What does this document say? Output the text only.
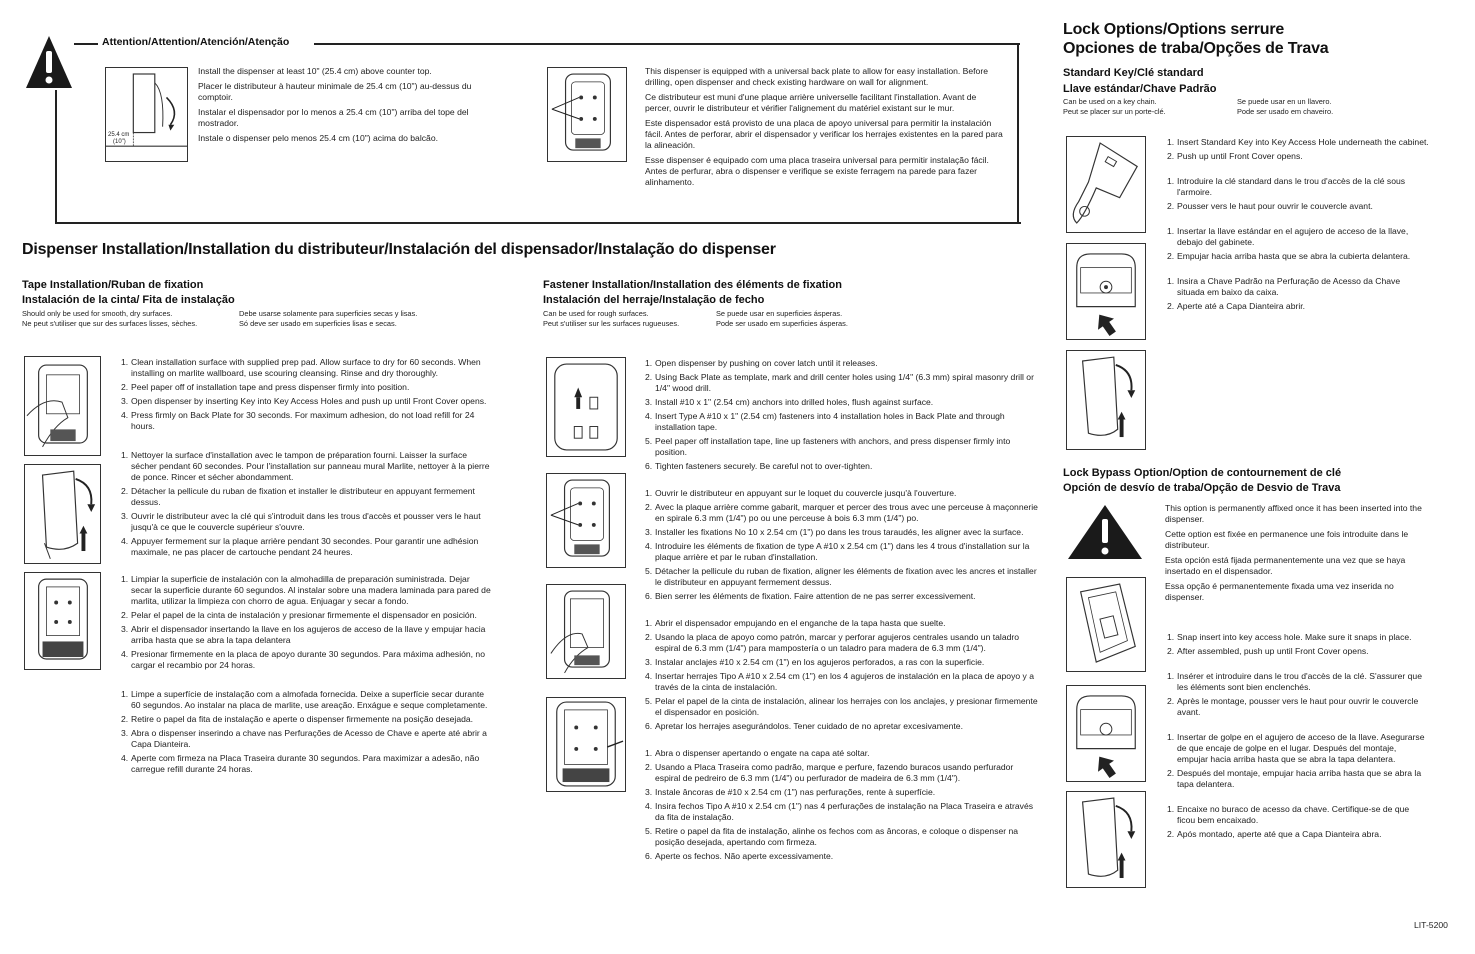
Attention/Attention/Atención/Atenção
25.4 cm
(10")

Install the dispenser at least 10" (25.4 cm) above counter top.

Placer le distributeur à hauteur minimale de 25.4 cm (10") au-dessus du comptoir.

Instalar el dispensador por lo menos a 25.4 cm (10") arriba del tope del mostrador.

Instale o dispenser pelo menos 25.4 cm (10") acima do balcão.

This dispenser is equipped with a universal back plate to allow for easy installation. Before drilling, open dispenser and check existing hardware on wall for alignment.

Ce distributeur est muni d'une plaque arrière universelle facilitant l'installation. Avant de percer, ouvrir le distributeur et vérifier l'alignement du matériel existant sur le mur.

Este dispensador está provisto de una placa de apoyo universal para permitir la instalación fácil. Antes de perforar, abrir el dispensador y verificar los herrajes existentes en la pared para la alineación.

Esse dispenser é equipado com uma placa traseira universal para permitir instalação fácil. Antes de perfurar, abra o dispenser e verifique se existe ferragem na parede para fazer alinhamento.

Dispenser Installation/Installation du distributeur/Instalación del dispensador/Instalação do dispenser
Tape Installation/Ruban de fixation
Instalación de la cinta/ Fita de instalação
Should only be used for smooth, dry surfaces.	Debe usarse solamente para superficies secas y lisas.
Ne peut s'utiliser que sur des surfaces lisses, sèches.	Só deve ser usado em superficies lisas e secas.
1. Clean installation surface with supplied prep pad. Allow surface to dry for 60 seconds. When installing on marlite wallboard, use scouring cleansing. Rinse and dry thoroughly.
2. Peel paper off of installation tape and press dispenser firmly into position.
3. Open dispenser by inserting Key into Key Access Holes and push up until Front Cover opens.
4. Press firmly on Back Plate for 30 seconds. For maximum adhesion, do not load refill for 24 hours.
1. Nettoyer la surface d'installation avec le tampon de préparation fourni. Laisser la surface sécher pendant 60 secondes. Pour l'installation sur panneau mural Marlite, nettoyer à la pierre de ponce. Rincer et sécher abondamment.
2. Détacher la pellicule du ruban de fixation et installer le distributeur en appuyant fermement dessus.
3. Ouvrir le distributeur avec la clé qui s'introduit dans les trous d'accès et pousser vers le haut jusqu'à ce que le couvercle supérieur s'ouvre.
4. Appuyer fermement sur la plaque arrière pendant 30 secondes. Pour garantir une adhésion maximale, ne pas placer de cartouche pendant 24 heures.
1. Limpiar la superficie de instalación con la almohadilla de preparación suministrada. Dejar secar la superficie durante 60 segundos. Al instalar sobre una madera laminada para pared de marlita, utilizar la limpieza con chorro de agua. Enjuagar y secar a fondo.
2. Pelar el papel de la cinta de instalación y presionar firmemente el dispensador en posición.
3. Abrir el dispensador insertando la llave en los agujeros de acceso de la llave y empujar hacia arriba hasta que se abra la tapa delantera
4. Presionar firmemente en la placa de apoyo durante 30 segundos. Para máxima adhesión, no cargar el recambio por 24 horas.
1. Limpe a superfície de instalação com a almofada fornecida. Deixe a superfície secar durante 60 segundos. Ao instalar na placa de marlite, use areação. Enxágue e seque completamente.
2. Retire o papel da fita de instalação e aperte o dispenser firmemente na posição desejada.
3. Abra o dispenser inserindo a chave nas Perfurações de Acesso de Chave e aperte até abrir a Capa Dianteira.
4. Aperte com firmeza na Placa Traseira durante 30 segundos. Para maximizar a adesão, não carregue refill durante 24 horas.
Fastener Installation/Installation des éléments de fixation
Instalación del herraje/Instalação de fecho
Can be used for rough surfaces.	Se puede usar en superficies ásperas.
Peut s'utiliser sur les surfaces rugueuses.	Pode ser usado em superficies ásperas.
1. Open dispenser by pushing on cover latch until it releases.
2. Using Back Plate as template, mark and drill center holes using 1/4" (6.3 mm) spiral masonry drill or 1/4" wood drill.
3. Install #10 x 1" (2.54 cm) anchors into drilled holes, flush against surface.
4. Insert Type A #10 x 1" (2.54 cm) fasteners into 4 installation holes in Back Plate and through installation tape.
5. Peel paper off installation tape, line up fasteners with anchors, and press dispenser firmly into position.
6. Tighten fasteners securely. Be careful not to over-tighten.
1. Ouvrir le distributeur en appuyant sur le loquet du couvercle jusqu'à l'ouverture.
2. Avec la plaque arrière comme gabarit, marquer et percer des trous avec une perceuse à maçonnerie en spirale 6.3 mm (1/4") po ou une perceuse à bois 6.3 mm (1/4") po.
3. Installer les fixations No 10 x 2.54 cm (1") po dans les trous taraudés, les aligner avec la surface.
4. Introduire les éléments de fixation de type A #10 x 2.54 cm (1") dans les 4 trous d'installation sur la plaque arrière et par le ruban d'installation.
5. Détacher la pellicule du ruban de fixation, aligner les éléments de fixation avec les ancres et installer le distributeur en appuyant fermement dessus.
6. Bien serrer les éléments de fixation. Faire attention de ne pas serrer excessivement.
1. Abrir el dispensador empujando en el enganche de la tapa hasta que suelte.
2. Usando la placa de apoyo como patrón, marcar y perforar agujeros centrales usando un taladro espiral de 6.3 mm (1/4") para mampostería o un taladro para madera de 6.3 mm (1/4").
3. Instalar anclajes #10 x 2.54 cm (1") en los agujeros perforados, a ras con la superficie.
4. Insertar herrajes Tipo A #10 x 2.54 cm (1") en los 4 agujeros de instalación en la placa de apoyo y a través de la cinta de instalación.
5. Pelar el papel de la cinta de instalación, alinear los herrajes con los anclajes, y presionar firmemente el dispensador en posición.
6. Apretar los herrajes asegurándolos. Tener cuidado de no apretar excesivamente.
1. Abra o dispenser apertando o engate na capa até soltar.
2. Usando a Placa Traseira como padrão, marque e perfure, fazendo buracos usando perfurador espiral de pedreiro de 6.3 mm (1/4") ou perfurador de madeira de 6.3 mm (1/4").
3. Instale âncoras de #10 x 2.54 cm (1") nas perfurações, rente à superfície.
4. Insira fechos Tipo A #10 x 2.54 cm (1") nas 4 perfurações de instalação na Placa Traseira e através da fita de instalação.
5. Retire o papel da fita de instalação, alinhe os fechos com as âncoras, e coloque o dispenser na posição desejada, apertando com firmeza.
6. Aperte os fechos. Não aperte excessivamente.
Lock Options/Options serrure
Opciones de traba/Opções de Trava
Standard Key/Clé standard
Llave estándar/Chave Padrão
Can be used on a key chain.	Se puede usar en un llavero.
Peut se placer sur un porte-clé.	Pode ser usado em chaveiro.
1. Insert Standard Key into Key Access Hole underneath the cabinet.
2. Push up until Front Cover opens.
1. Introduire la clé standard dans le trou d'accès de la clé sous l'armoire.
2. Pousser vers le haut pour ouvrir le couvercle avant.
1. Insertar la llave estándar en el agujero de acceso de la llave, debajo del gabinete.
2. Empujar hacia arriba hasta que se abra la cubierta delantera.
1. Insira a Chave Padrão na Perfuração de Acesso da Chave situada em baixo da caixa.
2. Aperte até a Capa Dianteira abrir.
Lock Bypass Option/Option de contournement de clé
Opción de desvío de traba/Opção de Desvio de Trava

This option is permanently affixed once it has been inserted into the dispenser.

Cette option est fixée en permanence une fois introduite dans le distributeur.

Esta opción está fijada permanentemente una vez que se haya insertado en el dispensador.

Essa opção é permanentemente fixada uma vez inserida no dispenser.

1. Snap insert into key access hole. Make sure it snaps in place.
2. After assembled, push up until Front Cover opens.
1. Insérer et introduire dans le trou d'accès de la clé. S'assurer que les éléments sont bien enclenchés.
2. Après le montage, pousser vers le haut pour ouvrir le couvercle avant.
1. Insertar de golpe en el agujero de acceso de la llave. Asegurarse de que encaje de golpe en el lugar. Después del montaje, empujar hacia arriba hasta que se abra la tapa delantera.
2. Después del montaje, empujar hacia arriba hasta que se abra la tapa delantera.
1. Encaixe no buraco de acesso da chave. Certifique-se de que ficou bem encaixado.
2. Após montado, aperte até que a Capa Dianteira abra.
LIT-5200
